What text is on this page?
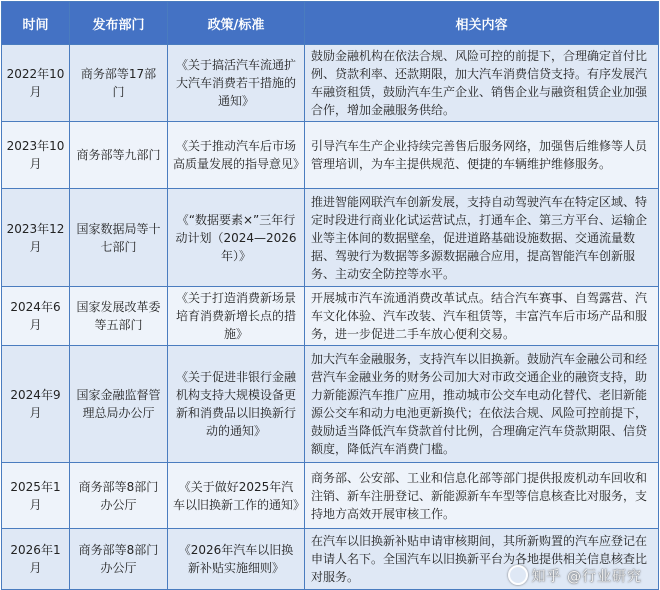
时间	发布部门	政策/标准	相关内容
2022年10月	商务部等17部门	《关于搞活汽车流通扩大汽车消费若干措施的通知》	鼓励金融机构在依法合规、风险可控的前提下，合理确定首付比例、贷款利率、还款期限，加大汽车消费信贷支持。有序发展汽车融资租赁，鼓励汽车生产企业、销售企业与融资租赁企业加强合作，增加金融服务供给。
2023年10月	商务部等九部门	《关于推动汽车后市场高质量发展的指导意见》	引导汽车生产企业持续完善售后服务网络，加强售后维修等人员管理培训，为车主提供规范、便捷的车辆维护维修服务。
2023年12月	国家数据局等十七部门	《“数据要素×”三年行动计划（2024—2026年）》	推进智能网联汽车创新发展，支持自动驾驶汽车在特定区域、特定时段进行商业化试运营试点，打通车企、第三方平台、运输企业等主体间的数据壁垒，促进道路基础设施数据、交通流量数据、驾驶行为数据等多源数据融合应用，提高智能汽车创新服务、主动安全防控等水平。
2024年6月	国家发展改革委等五部门	《关于打造消费新场景培育消费新增长点的措施》	开展城市汽车流通消费改革试点。结合汽车赛事、自驾露营、汽车文化体验、汽车改装、汽车租赁等，丰富汽车后市场产品和服务，进一步促进二手车放心便利交易。
2024年9月	国家金融监督管理总局办公厅	《关于促进非银行金融机构支持大规模设备更新和消费品以旧换新行动的通知》	加大汽车金融服务，支持汽车以旧换新。鼓励汽车金融公司和经营汽车金融业务的财务公司加大对市政交通企业的融资支持，助力新能源汽车推广应用，推动城市公交车电动化替代、老旧新能源公交车和动力电池更新换代；在依法合规、风险可控前提下，鼓励适当降低汽车贷款首付比例，合理确定汽车贷款期限、信贷额度，降低汽车消费门槛。
2025年1月	商务部等8部门办公厅	《关于做好2025年汽车以旧换新工作的通知》	商务部、公安部、工业和信息化部等部门提供报废机动车回收和注销、新车注册登记、新能源新车车型等信息核查比对服务，支持地方高效开展审核工作。
2026年1月	商务部等8部门办公厅	《2026年汽车以旧换新补贴实施细则》	在汽车以旧换新补贴申请审核期间，其所新购置的汽车应登记在申请人名下。全国汽车以旧换新平台为各地提供相关信息核查比对服务。	知乎 @行业研究
